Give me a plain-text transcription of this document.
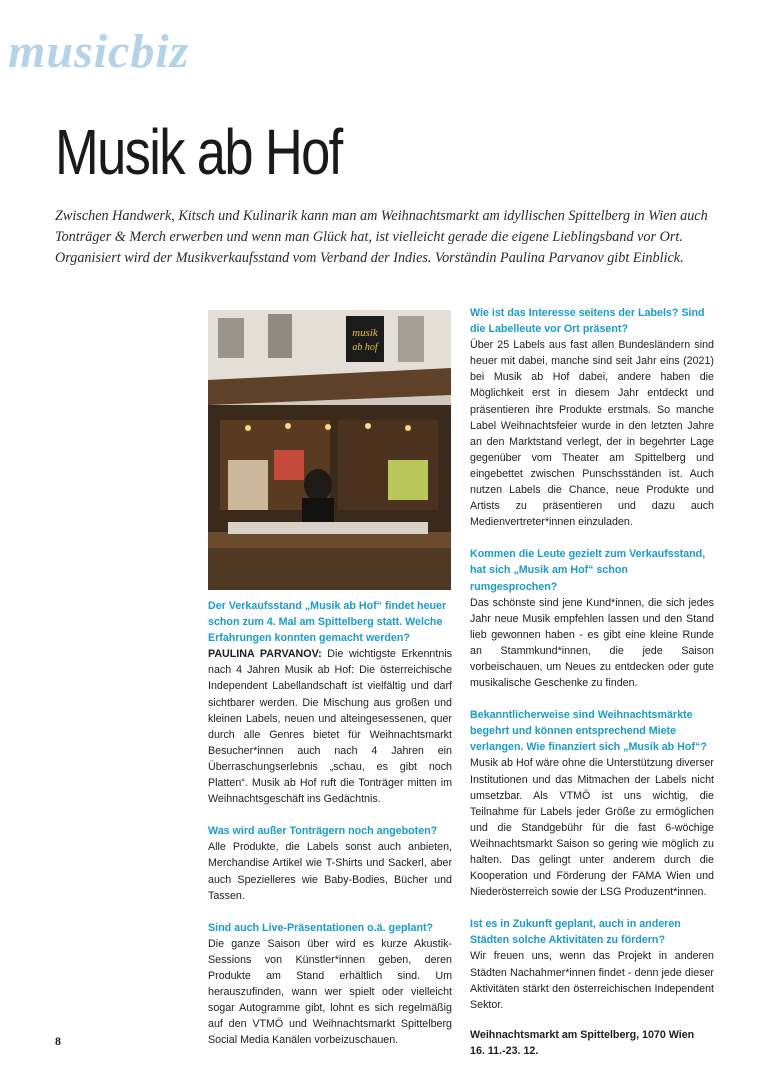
musicbiz
Musik ab Hof

Zwischen Handwerk, Kitsch und Kulinarik kann man am Weihnachtsmarkt am idyllischen Spittelberg in Wien auch Tonträger & Merch erwerben und wenn man Glück hat, ist vielleicht gerade die eigene Lieblingsband vor Ort. Organisiert wird der Musikverkaufsstand vom Verband der Indies. Vorständin Paulina Parvanov gibt Einblick.

musik
ab hof

Der Verkaufsstand „Musik ab Hof“ findet heuer schon zum 4. Mal am Spittelberg statt. Welche Erfahrungen konnten gemacht werden?

PAULINA PARVANOV: Die wichtigste Erkenntnis nach 4 Jahren Musik ab Hof: Die österreichische Independent Labellandschaft ist vielfältig und darf sichtbarer werden. Die Mischung aus großen und kleinen Labels, neuen und alteingesessenen, quer durch alle Genres bietet für Weihnachtsmarkt Besucher*innen auch nach 4 Jahren ein Überraschungserlebnis „schau, es gibt noch Platten“. Musik ab Hof ruft die Tonträger mitten im Weihnachtsgeschäft ins Gedächtnis.

Was wird außer Tonträgern noch angeboten?

Alle Produkte, die Labels sonst auch anbieten, Merchandise Artikel wie T-Shirts und Sackerl, aber auch Spezielleres wie Baby-Bodies, Bücher und Tassen.

Sind auch Live-Präsentationen o.ä. geplant?

Die ganze Saison über wird es kurze Akustik-Sessions von Künstler*innen geben, deren Produkte am Stand erhältlich sind. Um herauszufinden, wann wer spielt oder vielleicht sogar Autogramme gibt, lohnt es sich regelmäßig auf den VTMÖ und Weihnachtsmarkt Spittelberg Social Media Kanälen vorbeizuschauen.

Wie ist das Interesse seitens der Labels? Sind die Labelleute vor Ort präsent?

Über 25 Labels aus fast allen Bundesländern sind heuer mit dabei, manche sind seit Jahr eins (2021) bei Musik ab Hof dabei, andere haben die Möglichkeit erst in diesem Jahr entdeckt und präsentieren ihre Produkte erstmals. So manche Label Weihnachtsfeier wurde in den letzten Jahre an den Marktstand verlegt, der in begehrter Lage gegenüber vom Theater am Spittelberg und eingebettet zwischen Punschsständen ist. Auch nutzen Labels die Chance, neue Produkte und Artists zu präsentieren und dazu auch Medienvertreter*innen einzuladen.

Kommen die Leute gezielt zum Verkaufsstand, hat sich „Musik am Hof“ schon rumgesprochen?

Das schönste sind jene Kund*innen, die sich jedes Jahr neue Musik empfehlen lassen und den Stand lieb gewonnen haben - es gibt eine kleine Runde an Stammkund*innen, die jede Saison vorbeischauen, um Neues zu entdecken oder gute musikalische Geschenke zu finden.

Bekanntlicherweise sind Weihnachtsmärkte begehrt und können entsprechend Miete verlangen. Wie finanziert sich „Musik ab Hof“?

Musik ab Hof wäre ohne die Unterstützung diverser Institutionen und das Mitmachen der Labels nicht umsetzbar. Als VTMÖ ist uns wichtig, die Teilnahme für Labels jeder Größe zu ermöglichen und die Standgebühr für die fast 6-wöchige Weihnachtsmarkt Saison so gering wie möglich zu halten. Das gelingt unter anderem durch die Kooperation und Förderung der FAMA Wien und Niederösterreich sowie der LSG Produzent*innen.

Ist es in Zukunft geplant, auch in anderen Städten solche Aktivitäten zu fördern?

Wir freuen uns, wenn das Projekt in anderen Städten Nachahmer*innen findet - denn jede dieser Aktivitäten stärkt den österreichischen Independent Sektor.

Weihnachtsmarkt am Spittelberg, 1070 Wien

16. 11.-23. 12.

8
